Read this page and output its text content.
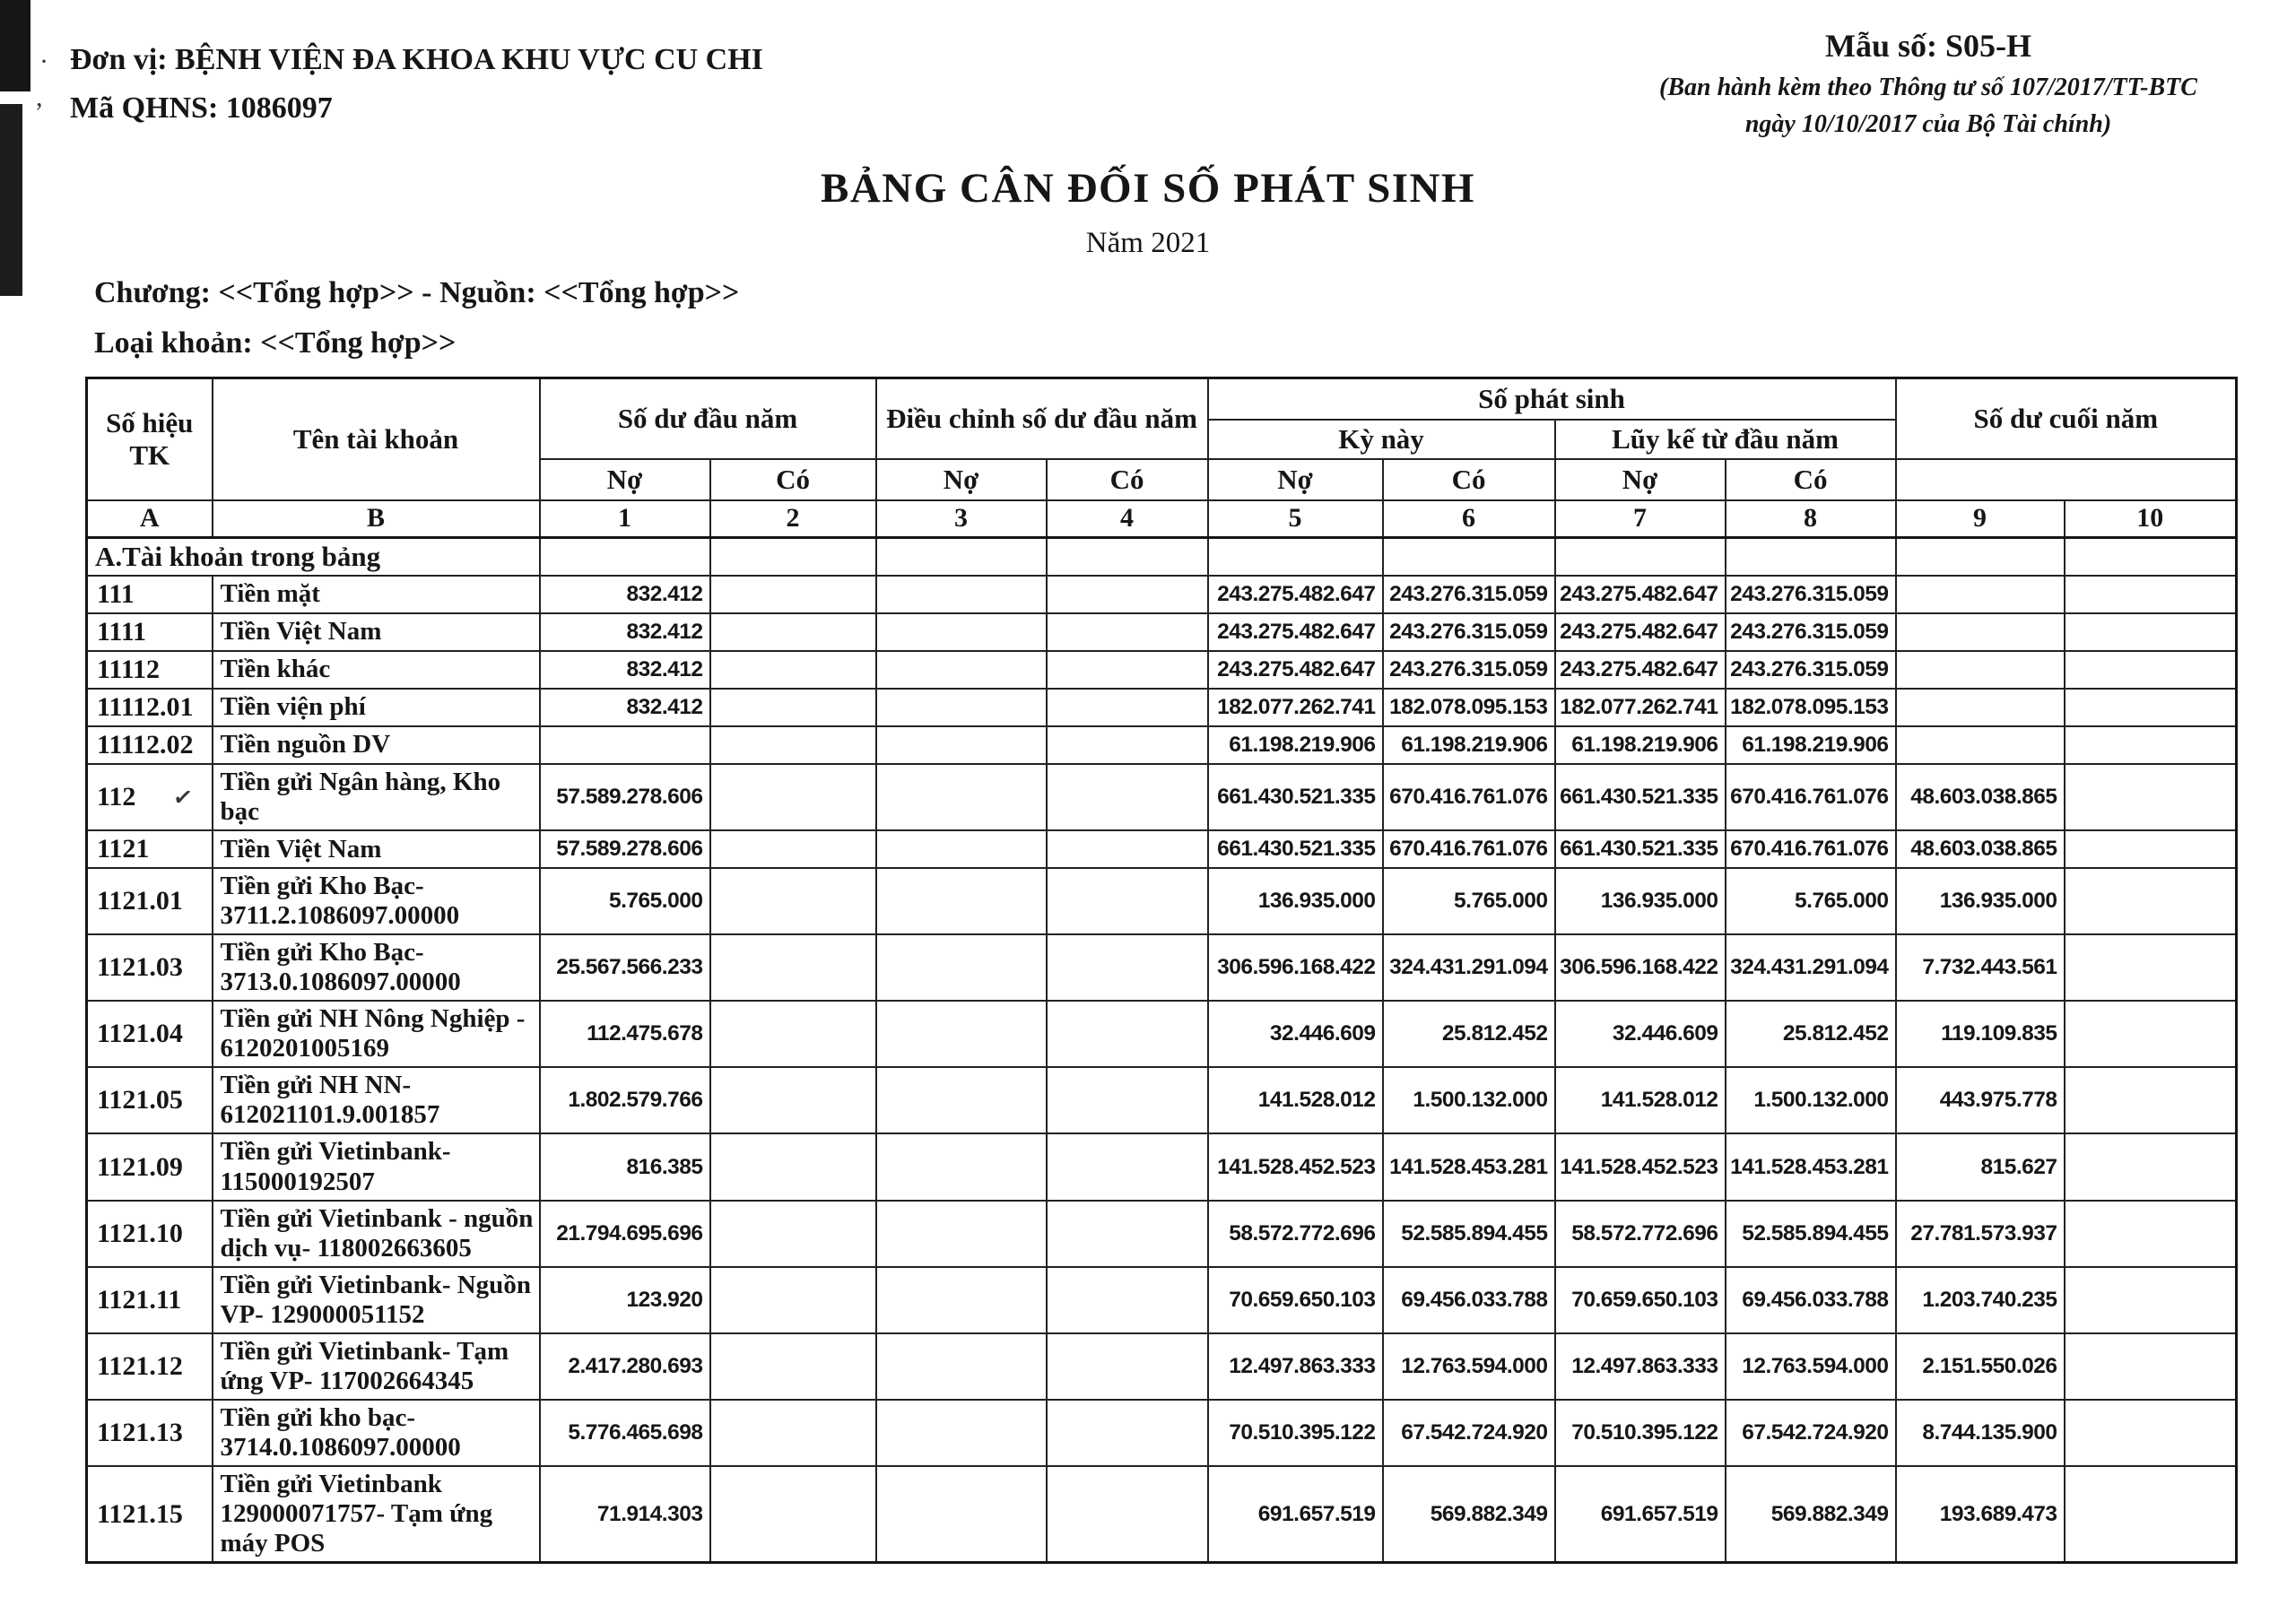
·
,
Đơn vị: BỆNH VIỆN ĐA KHOA KHU VỰC CU CHI
Mã QHNS: 1086097
Mẫu số: S05-H
(Ban hành kèm theo Thông tư số 107/2017/TT-BTC
ngày 10/10/2017 của Bộ Tài chính)
BẢNG CÂN ĐỐI SỐ PHÁT SINH
Năm 2021
Chương: <<Tổng hợp>> - Nguồn: <<Tổng hợp>>
Loại khoản: <<Tổng hợp>>
Số hiệu TK	Tên tài khoản	Số dư đầu năm		Điều chỉnh số dư đầu năm		Số phát sinh				Số dư cuối năm	
						Kỳ này		Lũy kế từ đầu năm			
		Nợ	Có	Nợ	Có	Nợ	Có	Nợ	Có		
A	B	1	2	3	4	5	6	7	8	9	10
A.Tài khoản trong bảng											
111	Tiền mặt	832.412				243.275.482.647	243.276.315.059	243.275.482.647	243.276.315.059		
1111	Tiền Việt Nam	832.412				243.275.482.647	243.276.315.059	243.275.482.647	243.276.315.059		
11112	Tiền khác	832.412				243.275.482.647	243.276.315.059	243.275.482.647	243.276.315.059		
11112.01	Tiền viện phí	832.412				182.077.262.741	182.078.095.153	182.077.262.741	182.078.095.153		
11112.02	Tiền nguồn DV					61.198.219.906	61.198.219.906	61.198.219.906	61.198.219.906		
112 ✓	Tiền gửi Ngân hàng, Kho bạc	57.589.278.606				661.430.521.335	670.416.761.076	661.430.521.335	670.416.761.076	48.603.038.865	
1121	Tiền Việt Nam	57.589.278.606				661.430.521.335	670.416.761.076	661.430.521.335	670.416.761.076	48.603.038.865	
1121.01	Tiền gửi Kho Bạc- 3711.2.1086097.00000	5.765.000				136.935.000	5.765.000	136.935.000	5.765.000	136.935.000	
1121.03	Tiền gửi Kho Bạc- 3713.0.1086097.00000	25.567.566.233				306.596.168.422	324.431.291.094	306.596.168.422	324.431.291.094	7.732.443.561	
1121.04	Tiền gửi NH Nông Nghiệp - 6120201005169	112.475.678				32.446.609	25.812.452	32.446.609	25.812.452	119.109.835	
1121.05	Tiền gửi NH NN- 612021101.9.001857	1.802.579.766				141.528.012	1.500.132.000	141.528.012	1.500.132.000	443.975.778	
1121.09	Tiền gửi Vietinbank- 115000192507	816.385				141.528.452.523	141.528.453.281	141.528.452.523	141.528.453.281	815.627	
1121.10	Tiền gửi Vietinbank - nguồn dịch vụ- 118002663605	21.794.695.696				58.572.772.696	52.585.894.455	58.572.772.696	52.585.894.455	27.781.573.937	
1121.11	Tiền gửi Vietinbank- Nguồn VP- 129000051152	123.920				70.659.650.103	69.456.033.788	70.659.650.103	69.456.033.788	1.203.740.235	
1121.12	Tiền gửi Vietinbank- Tạm ứng VP- 117002664345	2.417.280.693				12.497.863.333	12.763.594.000	12.497.863.333	12.763.594.000	2.151.550.026	
1121.13	Tiền gửi kho bạc- 3714.0.1086097.00000	5.776.465.698				70.510.395.122	67.542.724.920	70.510.395.122	67.542.724.920	8.744.135.900	
1121.15	Tiền gửi Vietinbank 129000071757- Tạm ứng máy POS	71.914.303				691.657.519	569.882.349	691.657.519	569.882.349	193.689.473	
